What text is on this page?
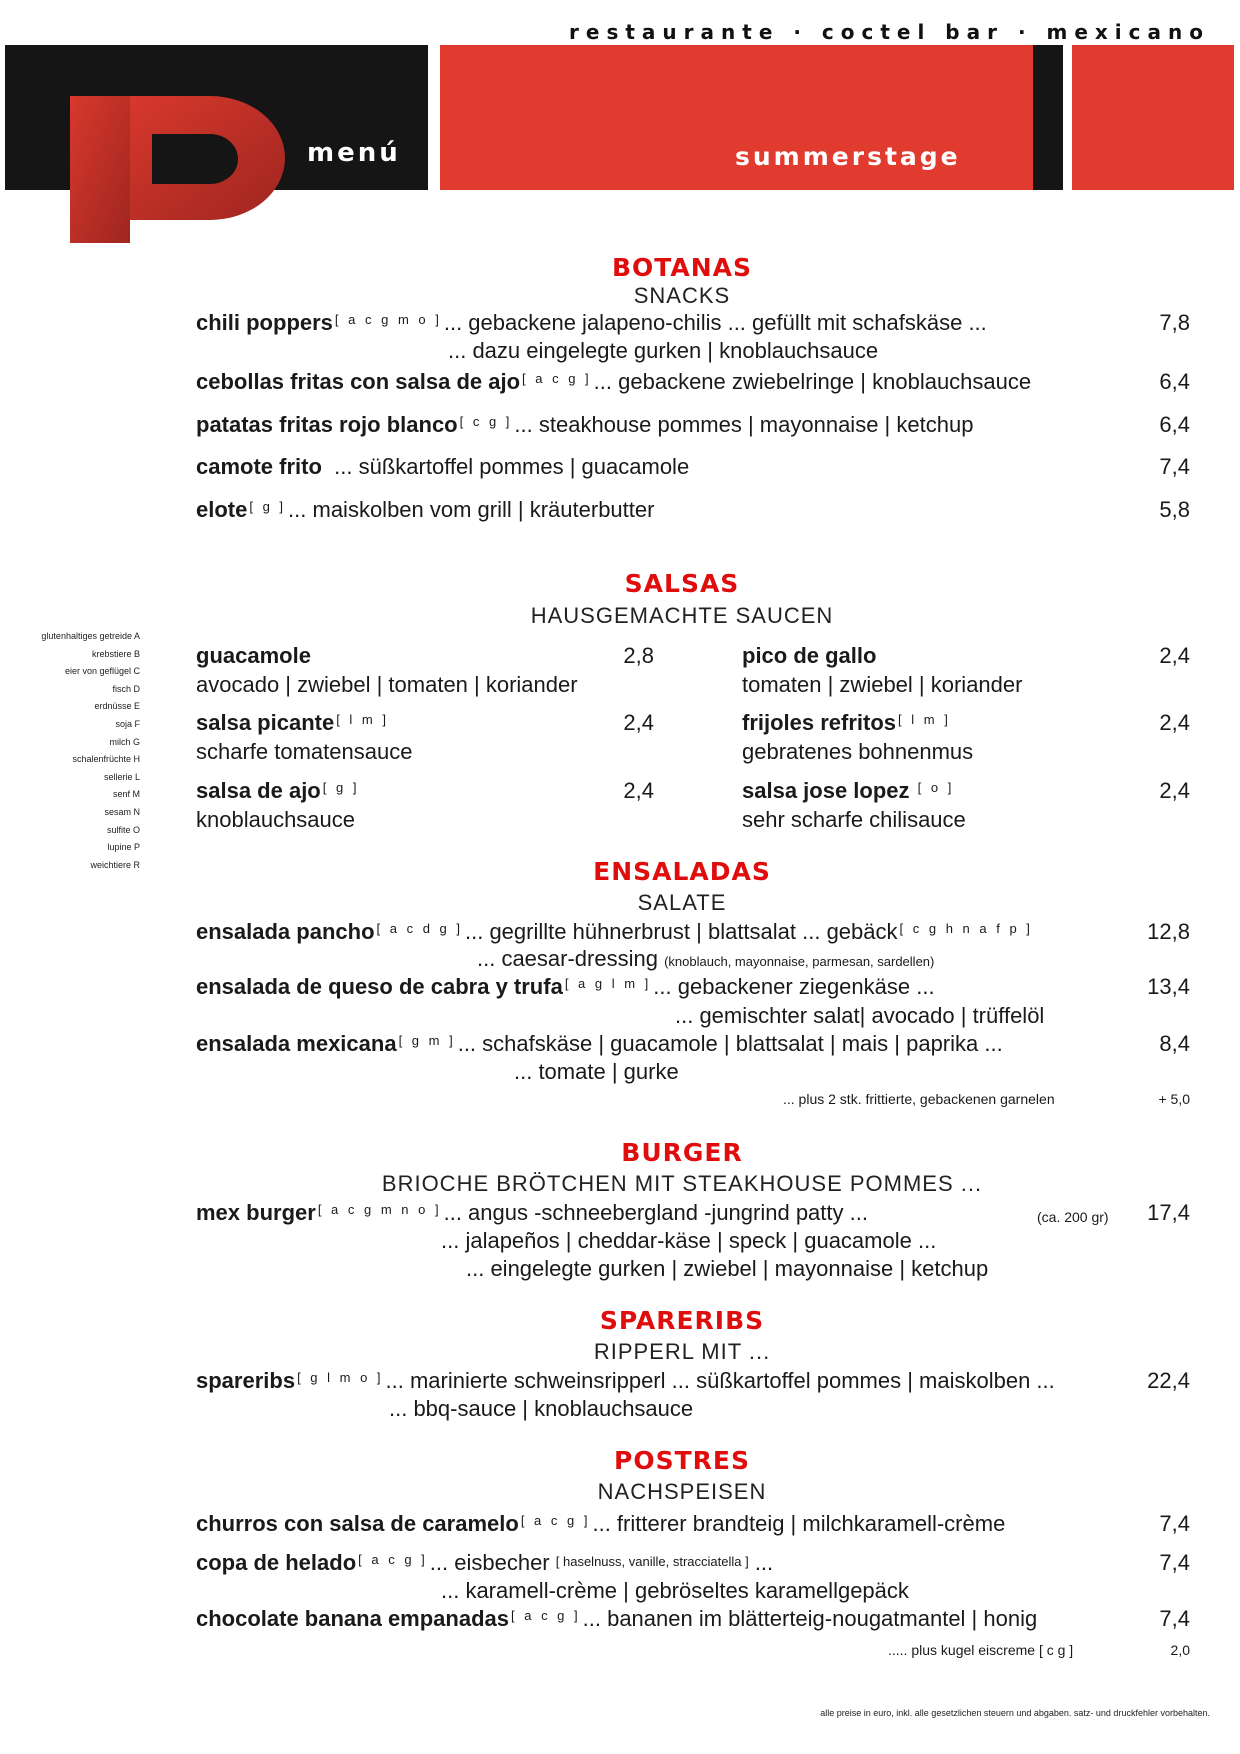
restaurante · coctel bar · mexicano
menú	summerstage
glutenhaltiges getreide A
krebstiere B
eier von geflügel C
fisch D
erdnüsse E
soja F
milch G
schalenfrüchte H
sellerie L
senf M
sesam N
sulfite O
lupine P
weichtiere R
BOTANAS
SNACKS
chili poppers [ a c g m o ]... gebackene jalapeno-chilis ... gefüllt mit schafskäse ...
... dazu eingelegte gurken | knoblauchsauce
7,8
cebollas fritas con salsa de ajo [ a c g ]... gebackene zwiebelringe | knoblauchsauce	6,4
patatas fritas rojo blanco [ c g ]... steakhouse pommes | mayonnaise | ketchup	6,4
camote frito ... süßkartoffel pommes | guacamole	7,4
elote [ g ]... maiskolben vom grill | kräuterbutter	5,8
SALSAS
HAUSGEMACHTE SAUCEN
guacamole	2,8
avocado | zwiebel | tomaten | koriander
pico de gallo	2,4
tomaten | zwiebel | koriander
salsa picante [ l m ]	2,4
scharfe tomatensauce
frijoles refritos [ l m ]	2,4
gebratenes bohnenmus
salsa de ajo [ g ]	2,4
knoblauchsauce
salsa jose lopez [ o ]	2,4
sehr scharfe chilisauce
ENSALADAS
SALATE
ensalada pancho [ a c d g ]... gegrillte hühnerbrust | blattsalat ... gebäck [ c g h n a f p ]	12,8
... caesar-dressing (knoblauch, mayonnaise, parmesan, sardellen)
ensalada de queso de cabra y trufa [ a g l m ]... gebackener ziegenkäse ...	13,4
... gemischter salat| avocado | trüffelöl
ensalada mexicana [ g m ]... schafskäse | guacamole | blattsalat | mais | paprika ...	8,4
... tomate | gurke
... plus 2 stk. frittierte, gebackenen garnelen	+ 5,0
BURGER
BRIOCHE BRÖTCHEN MIT STEAKHOUSE POMMES ...
mex burger [ a c g m n o ]... angus -schneebergland -jungrind patty ...	(ca. 200 gr)	17,4
... jalapeños | cheddar-käse | speck | guacamole ...
... eingelegte gurken | zwiebel | mayonnaise | ketchup
SPARERIBS
RIPPERL MIT ...
spareribs [ g l m o ]... marinierte schweinsripperl ... süßkartoffel pommes | maiskolben ...	22,4
... bbq-sauce | knoblauchsauce
POSTRES
NACHSPEISEN
churros con salsa de caramelo [ a c g ]... fritterer brandteig | milchkaramell-crème	7,4
copa de helado [ a c g ]... eisbecher [ haselnuss, vanille, stracciatella ] ...	7,4
... karamell-crème | gebröseltes karamellgepäck
chocolate banana empanadas [ a c g ]... bananen im blätterteig-nougatmantel | honig	7,4
..... plus kugel eiscreme [ c g ]	2,0
alle preise in euro, inkl. alle gesetzlichen steuern und abgaben. satz- und druckfehler vorbehalten.
